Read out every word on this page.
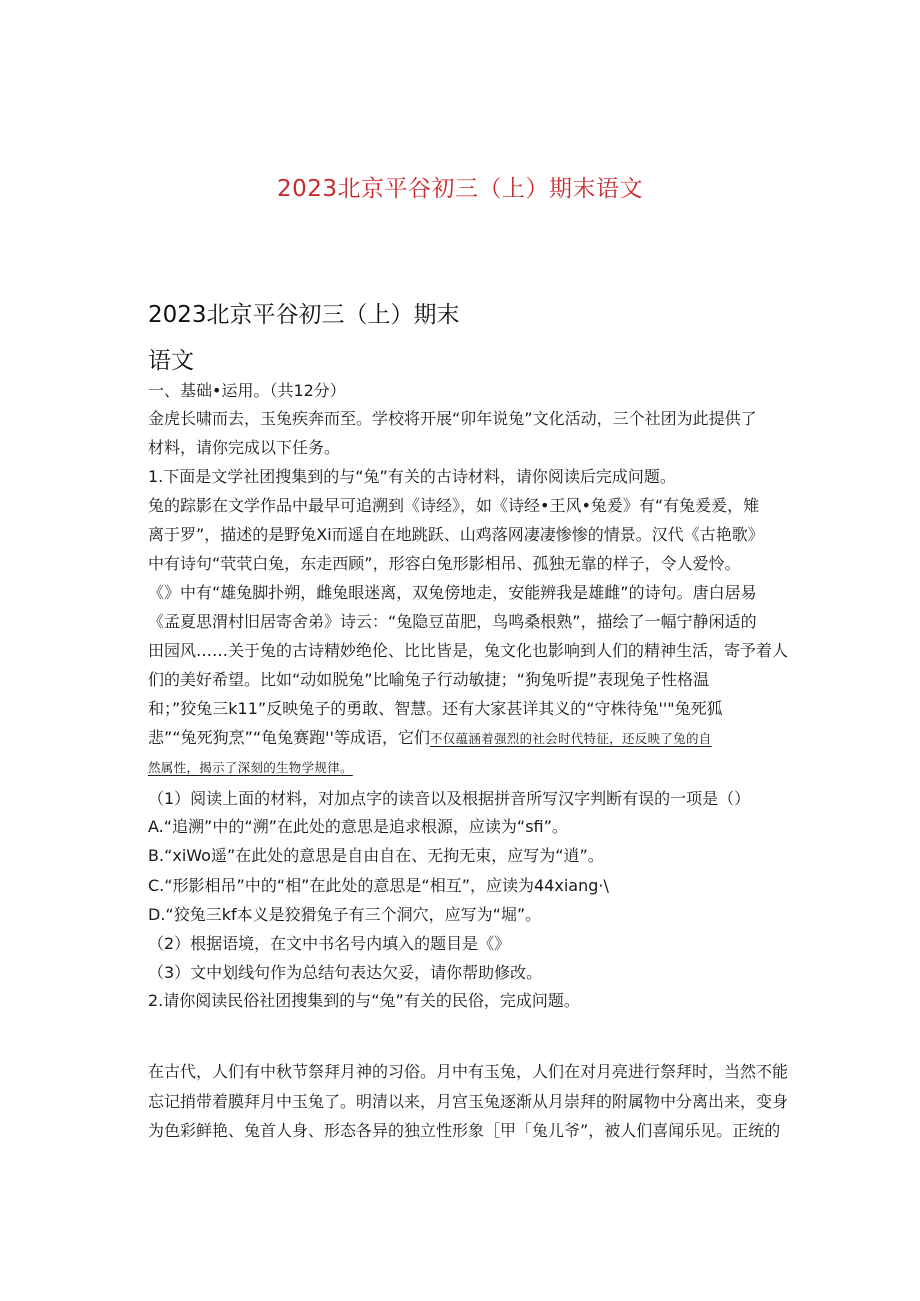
2023北京平谷初三（上）期末语文
2023北京平谷初三（上）期末
语文
一、基础•运用。（共12分）
金虎长啸而去，玉兔疾奔而至。学校将开展“卯年说兔”文化活动，三个社团为此提供了
材料，请你完成以下任务。
1.下面是文学社团搜集到的与“兔”有关的古诗材料，请你阅读后完成问题。
兔的踪影在文学作品中最早可追溯到《诗经》，如《诗经•王风•兔爰》有“有兔爰爰，雉
离于罗”，描述的是野兔Xi而遥自在地跳跃、山鸡落网凄凄惨惨的情景。汉代《古艳歌》
中有诗句“茕茕白兔，东走西顾”，形容白兔形影相吊、孤独无靠的样子，令人爱怜。
《》中有“雄兔脚扑朔，雌兔眼迷离，双兔傍地走，安能辨我是雄雌”的诗句。唐白居易
《孟夏思渭村旧居寄舍弟》诗云：“兔隐豆苗肥，鸟鸣桑根熟”，描绘了一幅宁静闲适的
田园风……关于兔的古诗精妙绝伦、比比皆是，兔文化也影响到人们的精神生活，寄予着人
们的美好希望。比如“动如脱兔”比喻兔子行动敏捷；“狗兔听提”表现兔子性格温
和；”狡兔三k11”反映兔子的勇敢、智慧。还有大家甚详其义的“守株待兔''"兔死狐
悲”“兔死狗烹”“龟兔赛跑''等成语，它们不仅蕴涵着强烈的社会时代特征，还反映了兔的自
然属性，揭示了深刻的生物学规律。
（1）阅读上面的材料，对加点字的读音以及根据拼音所写汉字判断有误的一项是（）
A.“追溯”中的“溯”在此处的意思是追求根源，应读为“sfi”。
B.“xiWo遥”在此处的意思是自由自在、无拘无束，应写为“逍”。
C.“形影相吊”中的“相”在此处的意思是“相互”，应读为44xiang·\
D.“狡兔三kf本义是狡猾兔子有三个洞穴，应写为“堀”。
（2）根据语境，在文中书名号内填入的题目是《》
（3）文中划线句作为总结句表达欠妥，请你帮助修改。
2.请你阅读民俗社团搜集到的与“兔”有关的民俗，完成问题。
在古代，人们有中秋节祭拜月神的习俗。月中有玉兔，人们在对月亮进行祭拜时，当然不能
忘记捎带着膜拜月中玉兔了。明清以来，月宫玉兔逐渐从月崇拜的附属物中分离出来，变身
为色彩鲜艳、兔首人身、形态各异的独立性形象［甲「兔儿爷”，被人们喜闻乐见。正统的
